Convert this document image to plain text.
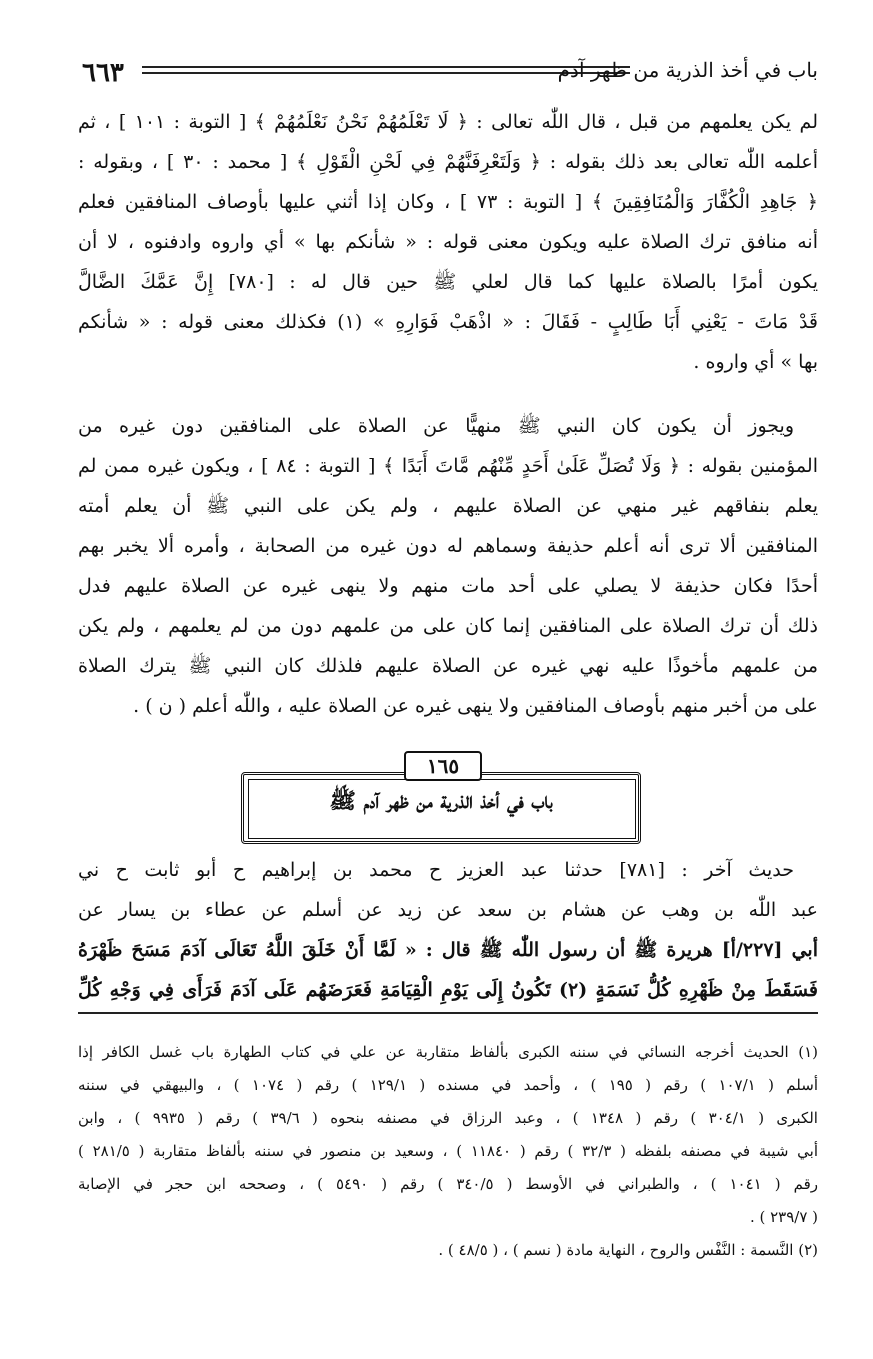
٦٦٣	باب في أخذ الذرية من ظهر آدم
لم يكن يعلمهم من قبل ، قال اللّٰه تعالى : ﴿ لَا تَعْلَمُهُمْ نَحْنُ نَعْلَمُهُمْ ﴾ [ التوبة : ١٠١ ] ، ثم
أعلمه اللّٰه تعالى بعد ذلك بقوله : ﴿ وَلَتَعْرِفَنَّهُمْ فِي لَحْنِ الْقَوْلِ ﴾ [ محمد : ٣٠ ] ، وبقوله :
﴿ جَاهِدِ الْكُفَّارَ وَالْمُنَافِقِينَ ﴾ [ التوبة : ٧٣ ] ، وكان إذا أثني عليها بأوصاف المنافقين فعلم
أنه منافق ترك الصلاة عليه ويكون معنى قوله : « شأنكم بها » أي واروه وادفنوه ، لا أن
يكون أمرًا بالصلاة عليها كما قال لعلي ﷺ حين قال له : [٧٨٠] إِنَّ عَمَّكَ الضَّالَّ
قَدْ مَاتَ - يَعْنِي أَبَا طَالِبٍ - فَقَالَ : « اذْهَبْ فَوَارِهِ » (١) فكذلك معنى قوله : « شأنكم
بها » أي واروه .
ويجوز أن يكون كان النبي ﷺ منهيًّا عن الصلاة على المنافقين دون غيره من
المؤمنين بقوله : ﴿ وَلَا تُصَلِّ عَلَىٰ أَحَدٍ مِّنْهُم مَّاتَ أَبَدًا ﴾ [ التوبة : ٨٤ ] ، ويكون غيره ممن لم
يعلم بنفاقهم غير منهي عن الصلاة عليهم ، ولم يكن على النبي ﷺ أن يعلم أمته
المنافقين ألا ترى أنه أعلم حذيفة وسماهم له دون غيره من الصحابة ، وأمره ألا يخبر بهم
أحدًا فكان حذيفة لا يصلي على أحد مات منهم ولا ينهى غيره عن الصلاة عليهم فدل
ذلك أن ترك الصلاة على المنافقين إنما كان على من علمهم دون من لم يعلمهم ، ولم يكن
من علمهم مأخوذًا عليه نهي غيره عن الصلاة عليهم فلذلك كان النبي ﷺ يترك الصلاة
على من أخبر منهم بأوصاف المنافقين ولا ينهى غيره عن الصلاة عليه ، واللّٰه أعلم ( ن ) .
١٦٥
باب في أخذ الذرية من ظهر آدم ﷺ
حديث آخر : [٧٨١] حدثنا عبد العزيز ح محمد بن إبراهيم ح أبو ثابت ح ني
عبد اللّٰه بن وهب عن هشام بن سعد عن زيد عن أسلم عن عطاء بن يسار عن
أبي [٢٢٧/أ] هريرة ﷺ أن رسول اللّٰه ﷺ قال : « لَمَّا أَنْ خَلَقَ اللَّهُ تَعَالَى آدَمَ مَسَحَ ظَهْرَهُ
فَسَقَطَ مِنْ ظَهْرِهِ كُلُّ نَسَمَةٍ (٢) تَكُونُ إِلَى يَوْمِ الْقِيَامَةِ فَعَرَضَهُم عَلَى آدَمَ فَرَأَى فِي وَجْهِ كُلِّ
(١) الحديث أخرجه النسائي في سننه الكبرى بألفاظ متقاربة عن علي في كتاب الطهارة باب غسل الكافر إذا
أسلم ( ١٠٧/١ ) رقم ( ١٩٥ ) ، وأحمد في مسنده ( ١٢٩/١ ) رقم ( ١٠٧٤ ) ، والبيهقي في سننه
الكبرى ( ٣٠٤/١ ) رقم ( ١٣٤٨ ) ، وعبد الرزاق في مصنفه بنحوه ( ٣٩/٦ ) رقم ( ٩٩٣٥ ) ، وابن
أبي شيبة في مصنفه بلفظه ( ٣٢/٣ ) رقم ( ١١٨٤٠ ) ، وسعيد بن منصور في سننه بألفاظ متقاربة ( ٢٨١/٥ )
رقم ( ١٠٤١ ) ، والطبراني في الأوسط ( ٣٤٠/٥ ) رقم ( ٥٤٩٠ ) ، وصححه ابن حجر في الإصابة
( ٢٣٩/٧ ) .
(٢) النَّسمة : النَّفْس والروح ، النهاية مادة ( نسم ) ، ( ٤٨/٥ ) .
